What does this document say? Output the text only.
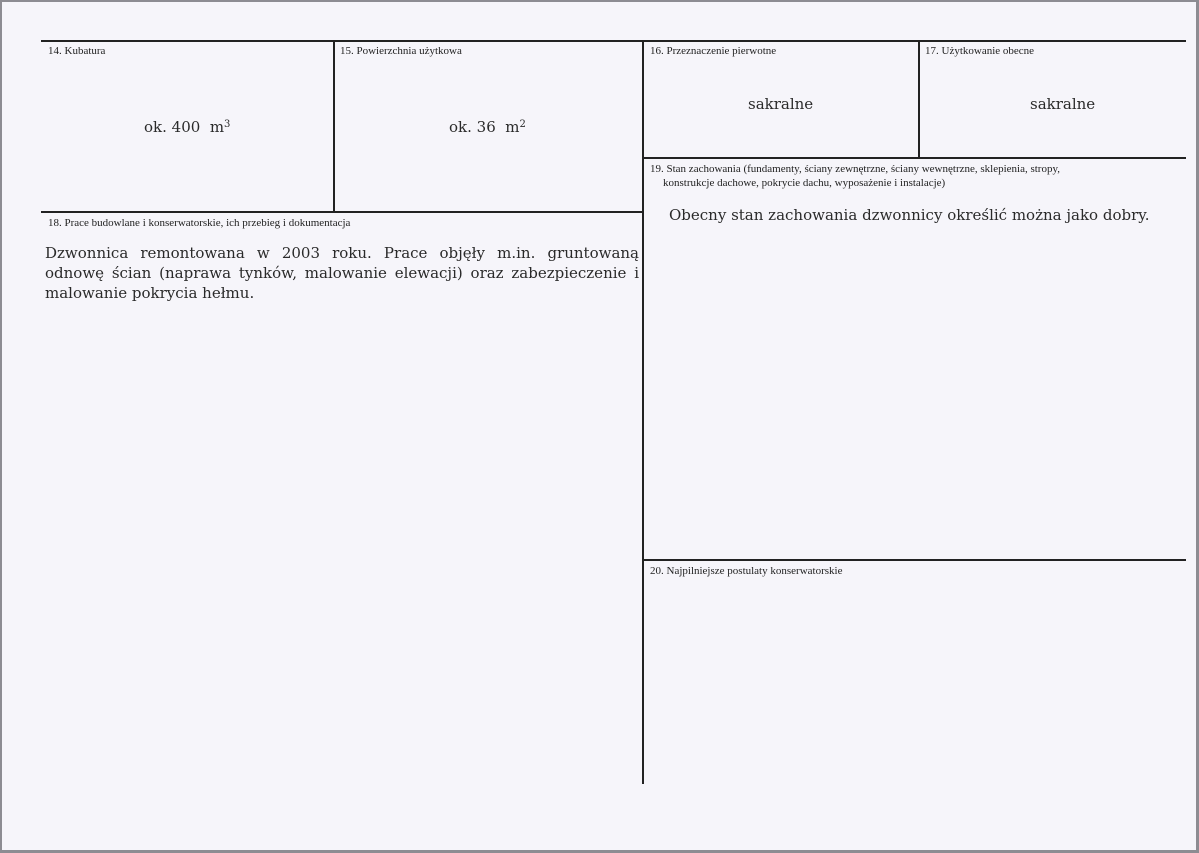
14. Kubatura
ok. 400  $m^3$
15. Powierzchnia użytkowa
ok. 36  $m^2$
16. Przeznaczenie pierwotne
sakralne
17. Użytkowanie obecne
sakralne
19. Stan zachowania (fundamenty, ściany zewnętrzne, ściany wewnętrzne, sklepienia, stropy,
konstrukcje dachowe, pokrycie dachu, wyposażenie i instalacje)
Obecny stan zachowania dzwonnicy określić można jako dobry.
18. Prace budowlane i konserwatorskie, ich przebieg i dokumentacja
Dzwonnica remontowana w 2003 roku. Prace objęły m.in. gruntowaną odnowę ścian (naprawa tynków, malowanie elewacji) oraz zabezpieczenie i malowanie pokrycia hełmu.
20. Najpilniejsze postulaty konserwatorskie
